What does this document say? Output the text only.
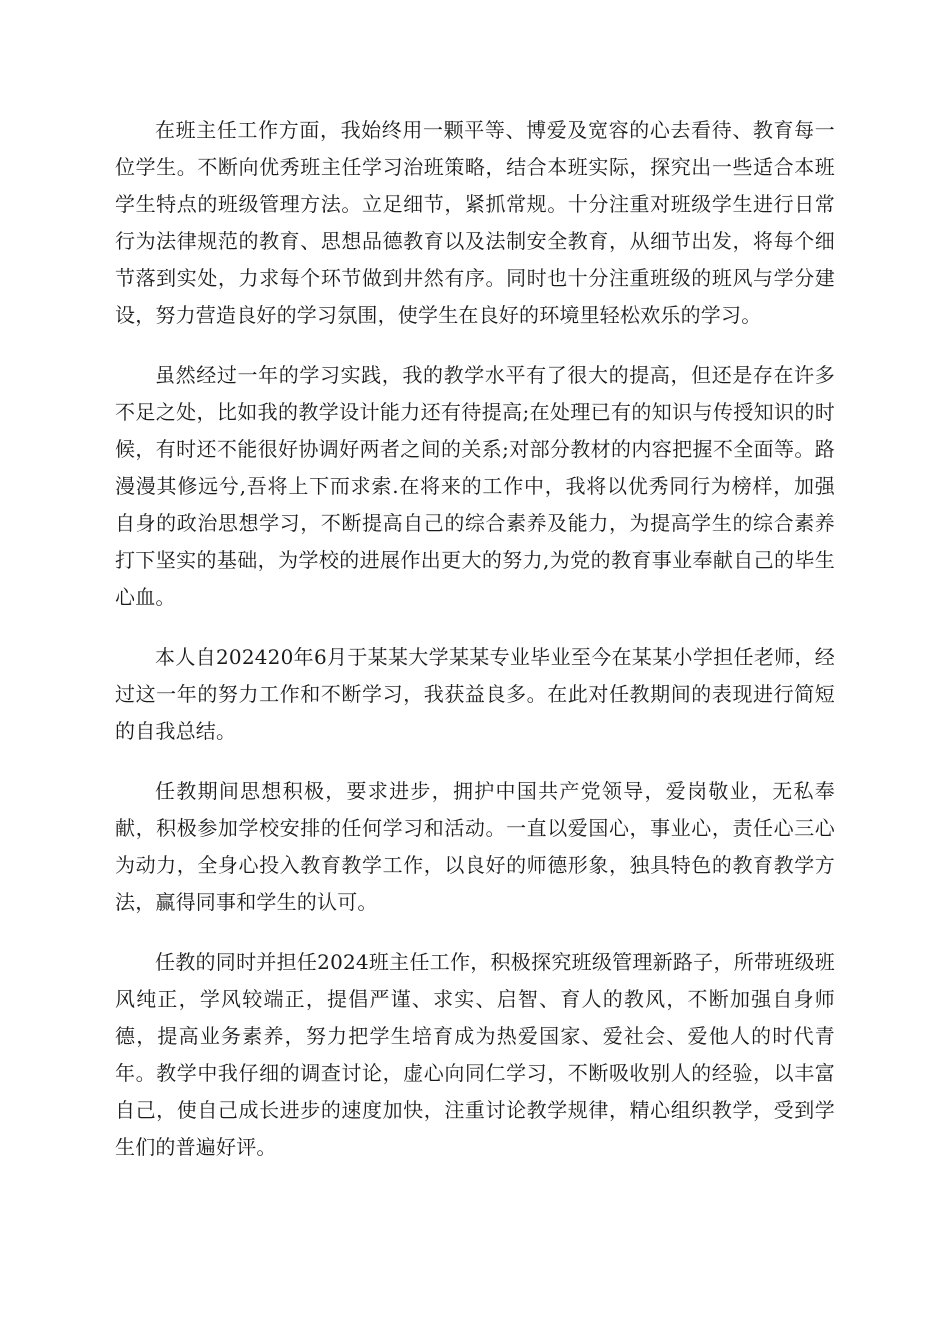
在班主任工作方面，我始终用一颗平等、博爱及宽容的心去看待、教育每一位学生。不断向优秀班主任学习治班策略，结合本班实际，探究出一些适合本班学生特点的班级管理方法。立足细节，紧抓常规。十分注重对班级学生进行日常行为法律规范的教育、思想品德教育以及法制安全教育，从细节出发，将每个细节落到实处，力求每个环节做到井然有序。同时也十分注重班级的班风与学分建设，努力营造良好的学习氛围，使学生在良好的环境里轻松欢乐的学习。

虽然经过一年的学习实践，我的教学水平有了很大的提高，但还是存在许多不足之处，比如我的教学设计能力还有待提高;在处理已有的知识与传授知识的时候，有时还不能很好协调好两者之间的关系;对部分教材的内容把握不全面等。路漫漫其修远兮,吾将上下而求索.在将来的工作中，我将以优秀同行为榜样，加强自身的政治思想学习，不断提高自己的综合素养及能力，为提高学生的综合素养打下坚实的基础，为学校的进展作出更大的努力,为党的教育事业奉献自己的毕生心血。

本人自202420年6月于某某大学某某专业毕业至今在某某小学担任老师，经过这一年的努力工作和不断学习，我获益良多。在此对任教期间的表现进行简短的自我总结。

任教期间思想积极，要求进步，拥护中国共产党领导，爱岗敬业，无私奉献，积极参加学校安排的任何学习和活动。一直以爱国心，事业心，责任心三心为动力，全身心投入教育教学工作，以良好的师德形象，独具特色的教育教学方法，赢得同事和学生的认可。

任教的同时并担任2024班主任工作，积极探究班级管理新路子，所带班级班风纯正，学风较端正，提倡严谨、求实、启智、育人的教风，不断加强自身师德，提高业务素养，努力把学生培育成为热爱国家、爱社会、爱他人的时代青年。教学中我仔细的调查讨论，虚心向同仁学习，不断吸收别人的经验，以丰富自己，使自己成长进步的速度加快，注重讨论教学规律，精心组织教学，受到学生们的普遍好评。
